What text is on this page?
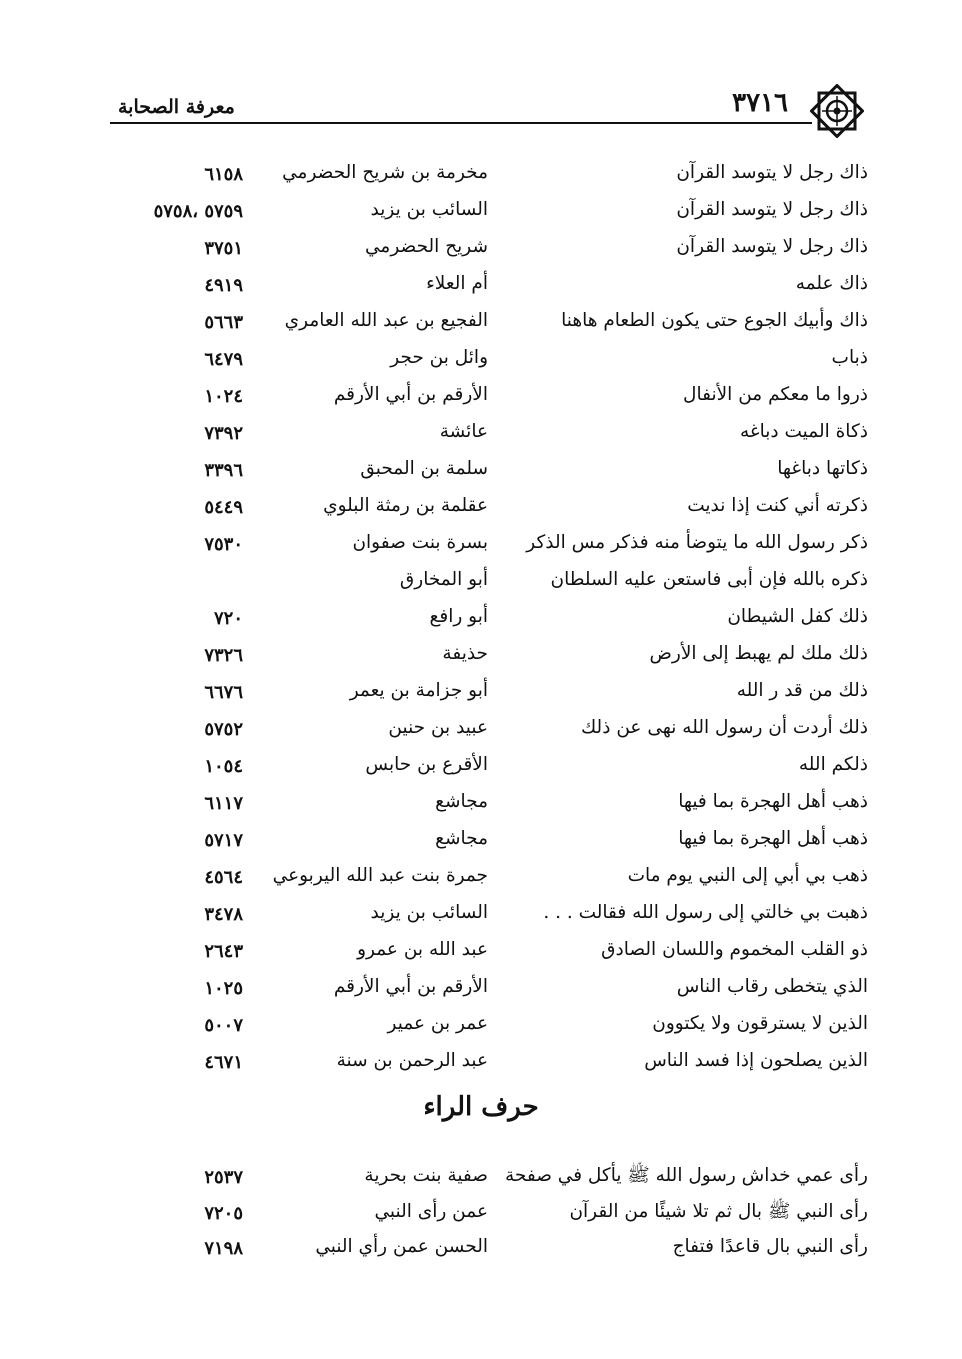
معرفة الصحابة	٣٧١٦
ذاك رجل لا يتوسد القرآن
مخرمة بن شريح الحضرمي
٦١٥٨
ذاك رجل لا يتوسد القرآن
السائب بن يزيد
٥٧٥٩ ،٥٧٥٨
ذاك رجل لا يتوسد القرآن
شريح الحضرمي
٣٧٥١
ذاك علمه
أم العلاء
٤٩١٩
ذاك وأبيك الجوع حتى يكون الطعام هاهنا
الفجيع بن عبد الله العامري
٥٦٦٣
ذباب
وائل بن حجر
٦٤٧٩
ذروا ما معكم من الأنفال
الأرقم بن أبي الأرقم
١٠٢٤
ذكاة الميت دباغه
عائشة
٧٣٩٢
ذكاتها دباغها
سلمة بن المحبق
٣٣٩٦
ذكرته أني كنت إذا نديت
عقلمة بن رمثة البلوي
٥٤٤٩
ذكر رسول الله ما يتوضأ منه فذكر مس الذكر
بسرة بنت صفوان
٧٥٣٠
ذكره بالله فإن أبى فاستعن عليه السلطان
أبو المخارق
ذلك كفل الشيطان
أبو رافع
٧٢٠
ذلك ملك لم يهبط إلى الأرض
حذيفة
٧٣٢٦
ذلك من قد ر الله
أبو جزامة بن يعمر
٦٦٧٦
ذلك أردت أن رسول الله نهى عن ذلك
عبيد بن حنين
٥٧٥٢
ذلكم الله
الأقرع بن حابس
١٠٥٤
ذهب أهل الهجرة بما فيها
مجاشع
٦١١٧
ذهب أهل الهجرة بما فيها
مجاشع
٥٧١٧
ذهب بي أبي إلى النبي يوم مات
جمرة بنت عبد الله اليربوعي
٤٥٦٤
ذهبت بي خالتي إلى رسول الله فقالت . . .
السائب بن يزيد
٣٤٧٨
ذو القلب المخموم واللسان الصادق
عبد الله بن عمرو
٢٦٤٣
الذي يتخطى رقاب الناس
الأرقم بن أبي الأرقم
١٠٢٥
الذين لا يسترقون ولا يكتوون
عمر بن عمير
٥٠٠٧
الذين يصلحون إذا فسد الناس
عبد الرحمن بن سنة
٤٦٧١
حرف الراء
رأى عمي خداش رسول الله ﷺ يأكل في صفحة
صفية بنت بحرية
٢٥٣٧
رأى النبي ﷺ بال ثم تلا شيئًا من القرآن
عمن رأى النبي
٧٢٠٥
رأى النبي بال قاعدًا فتفاج
الحسن عمن رأي النبي
٧١٩٨
